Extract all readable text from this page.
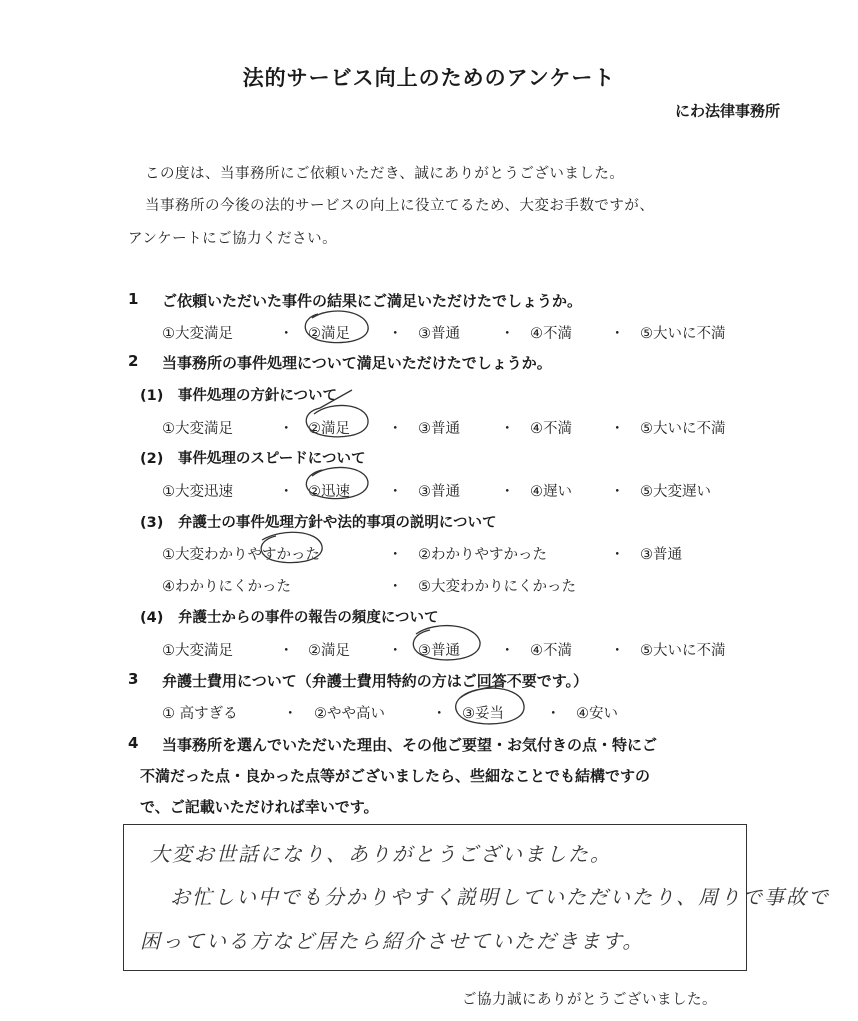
法的サービス向上のためのアンケート
にわ法律事務所
この度は、当事務所にご依頼いただき、誠にありがとうございました。
当事務所の今後の法的サービスの向上に役立てるため、大変お手数ですが、
アンケートにご協力ください。
1 ご依頼いただいた事件の結果にご満足いただけたでしょうか。
①大変満足	・ ②満足	・ ③普通	・ ④不満	・ ⑤大いに不満
2 当事務所の事件処理について満足いただけたでしょうか。
(1)　事件処理の方針について
①大変満足	・ ②満足	・ ③普通	・ ④不満	・ ⑤大いに不満
(2)　事件処理のスピードについて
①大変迅速	・ ②迅速	・ ③普通	・ ④遅い	・ ⑤大変遅い
(3)　弁護士の事件処理方針や法的事項の説明について
①大変わかりやすかった	・ ②わかりやすかった	・ ③普通
④わかりにくかった	・ ⑤大変わかりにくかった
(4)　弁護士からの事件の報告の頻度について
①大変満足	・ ②満足	・ ③普通	・ ④不満	・ ⑤大いに不満
3 弁護士費用について（弁護士費用特約の方はご回答不要です。）
① 高すぎる	・ ②やや高い	・ ③妥当	・ ④安い
4 当事務所を選んでいただいた理由、その他ご要望・お気付きの点・特にご
不満だった点・良かった点等がございましたら、些細なことでも結構ですの
で、ご記載いただければ幸いです。
大変お世話になり、ありがとうございました。
お忙しい中でも分かりやすく説明していただいたり、周りで事故で
困っている方など居たら紹介させていただきます。
ご協力誠にありがとうございました。
